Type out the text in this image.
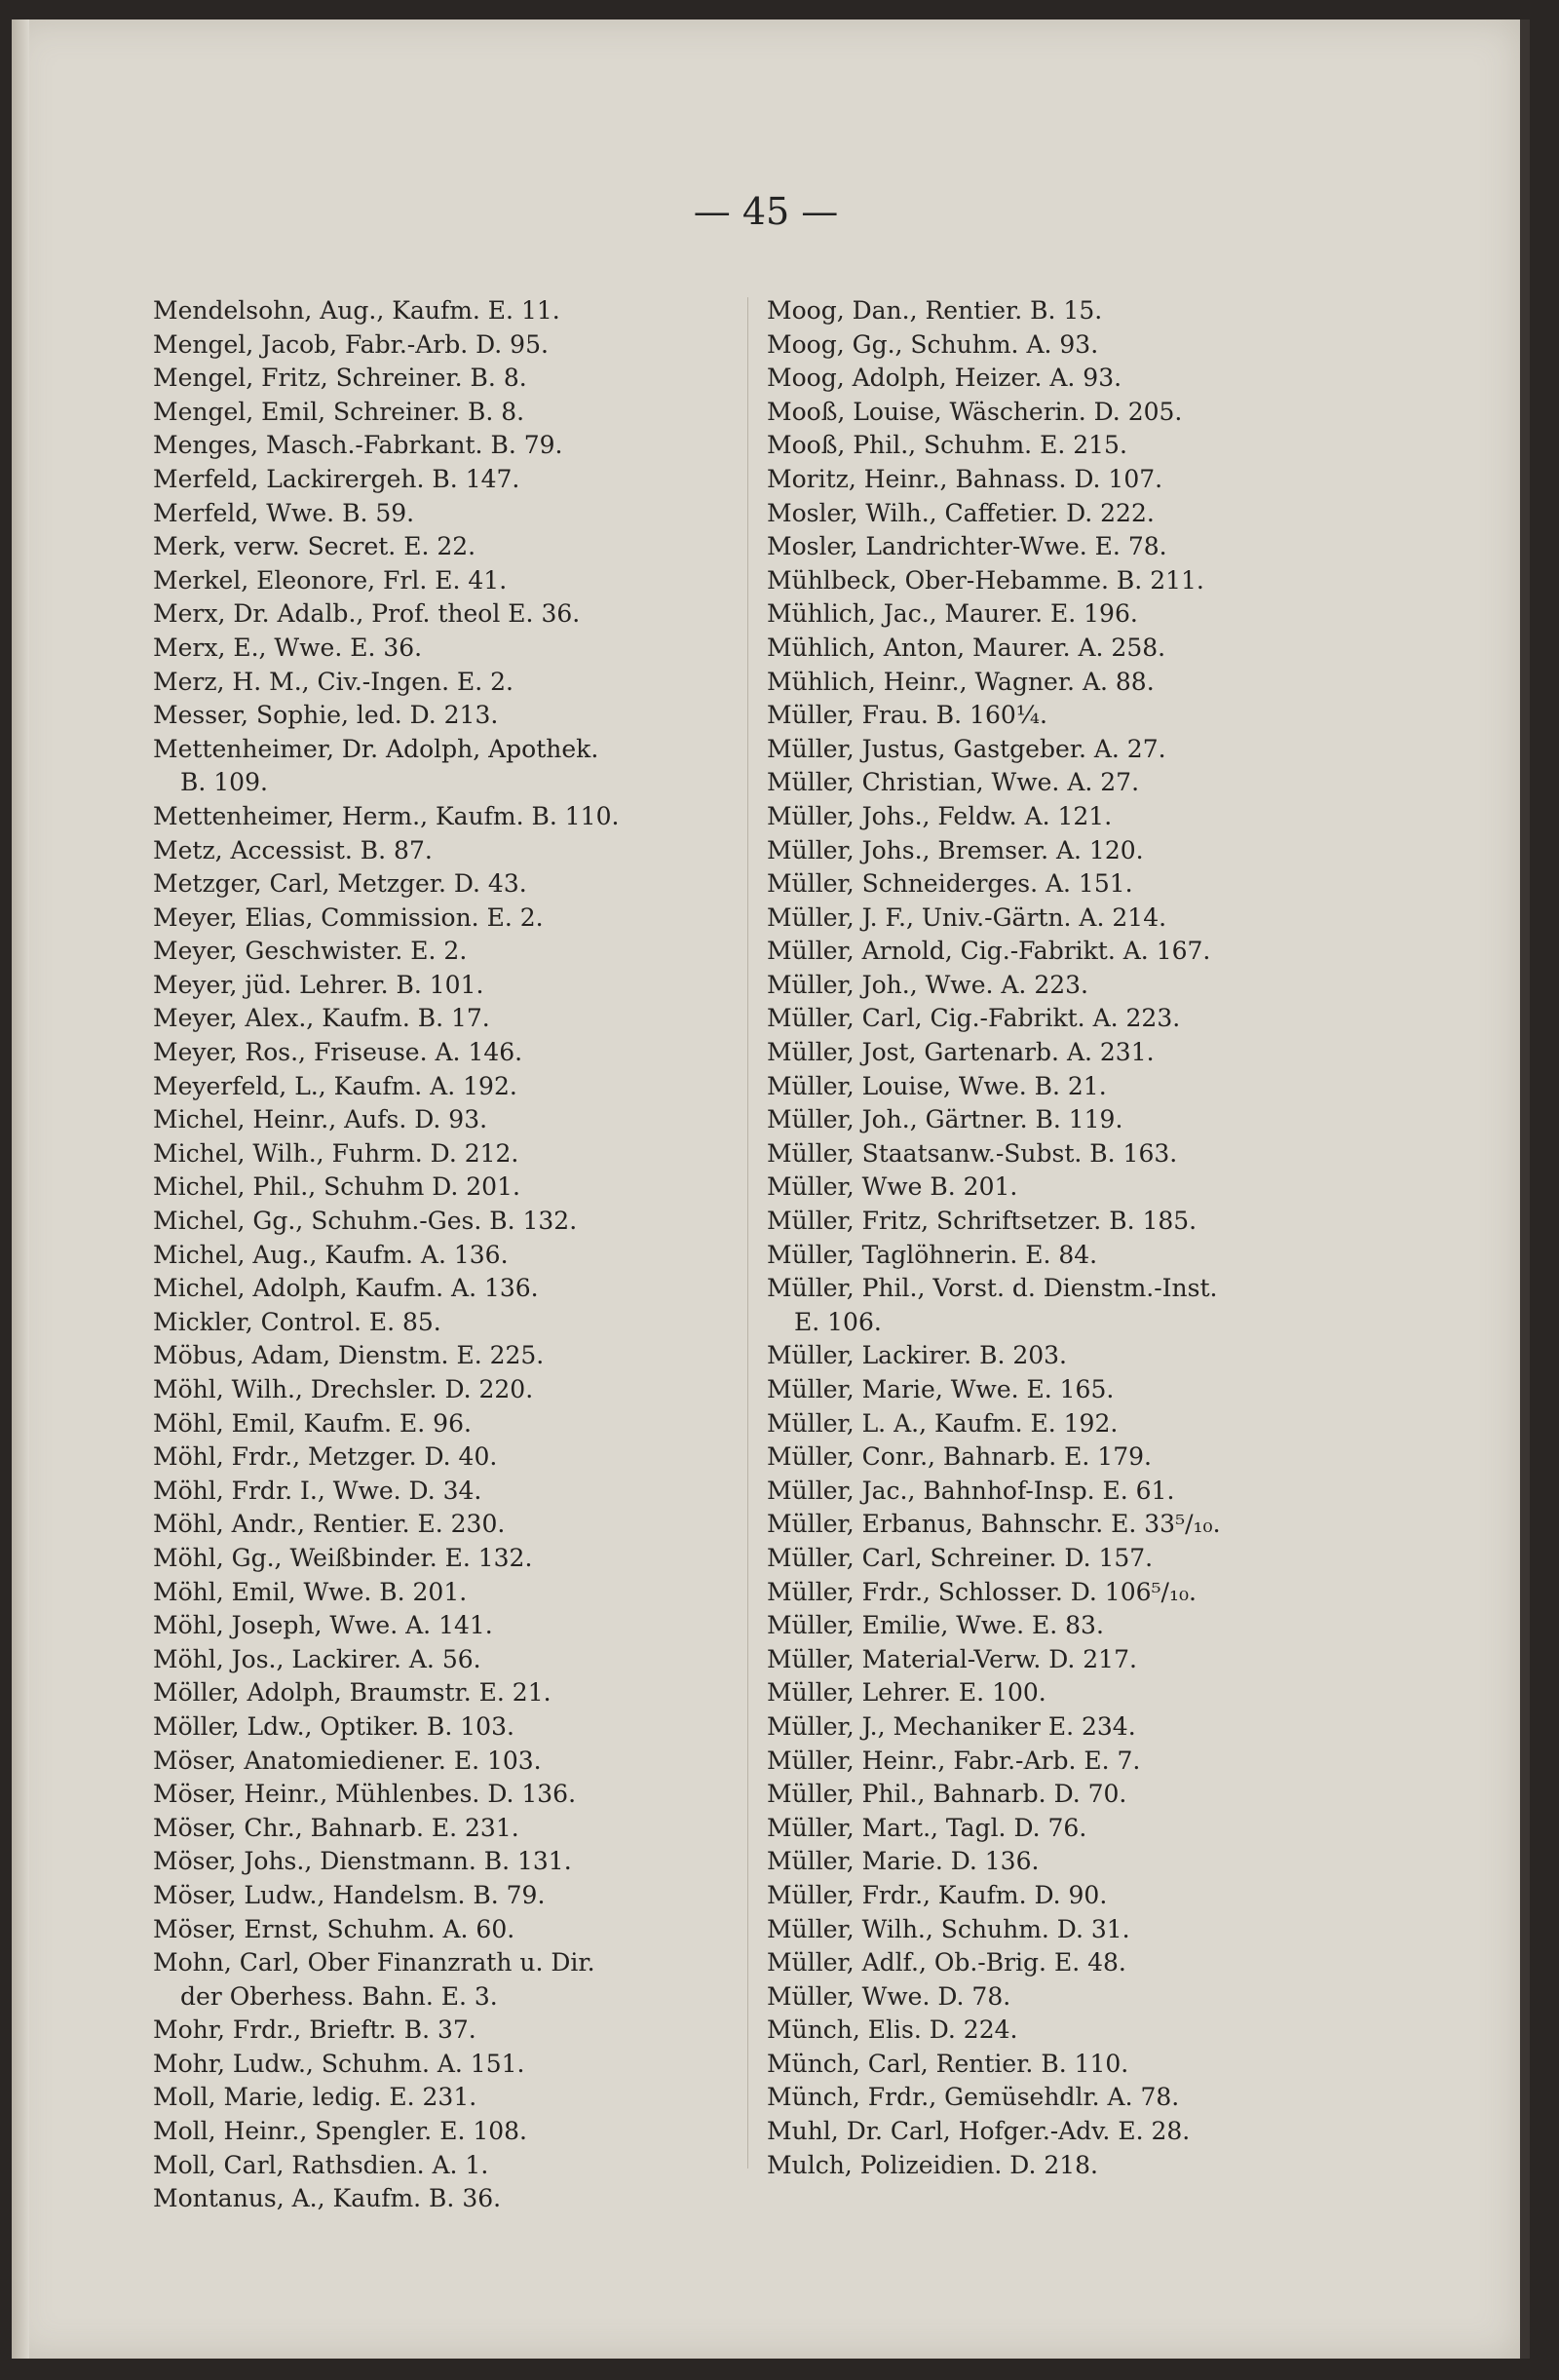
— 45 —
Mendelsohn, Aug., Kaufm. E. 11.
Mengel, Jacob, Fabr.-Arb. D. 95.
Mengel, Fritz, Schreiner. B. 8.
Mengel, Emil, Schreiner. B. 8.
Menges, Masch.-Fabrkant. B. 79.
Merfeld, Lackirergeh. B. 147.
Merfeld, Wwe. B. 59.
Merk, verw. Secret. E. 22.
Merkel, Eleonore, Frl. E. 41.
Merx, Dr. Adalb., Prof. theol E. 36.
Merx, E., Wwe. E. 36.
Merz, H. M., Civ.-Ingen. E. 2.
Messer, Sophie, led. D. 213.
Mettenheimer, Dr. Adolph, Apothek.
B. 109.
Mettenheimer, Herm., Kaufm. B. 110.
Metz, Accessist. B. 87.
Metzger, Carl, Metzger. D. 43.
Meyer, Elias, Commission. E. 2.
Meyer, Geschwister. E. 2.
Meyer, jüd. Lehrer. B. 101.
Meyer, Alex., Kaufm. B. 17.
Meyer, Ros., Friseuse. A. 146.
Meyerfeld, L., Kaufm. A. 192.
Michel, Heinr., Aufs. D. 93.
Michel, Wilh., Fuhrm. D. 212.
Michel, Phil., Schuhm D. 201.
Michel, Gg., Schuhm.-Ges. B. 132.
Michel, Aug., Kaufm. A. 136.
Michel, Adolph, Kaufm. A. 136.
Mickler, Control. E. 85.
Möbus, Adam, Dienstm. E. 225.
Möhl, Wilh., Drechsler. D. 220.
Möhl, Emil, Kaufm. E. 96.
Möhl, Frdr., Metzger. D. 40.
Möhl, Frdr. I., Wwe. D. 34.
Möhl, Andr., Rentier. E. 230.
Möhl, Gg., Weißbinder. E. 132.
Möhl, Emil, Wwe. B. 201.
Möhl, Joseph, Wwe. A. 141.
Möhl, Jos., Lackirer. A. 56.
Möller, Adolph, Braumstr. E. 21.
Möller, Ldw., Optiker. B. 103.
Möser, Anatomiediener. E. 103.
Möser, Heinr., Mühlenbes. D. 136.
Möser, Chr., Bahnarb. E. 231.
Möser, Johs., Dienstmann. B. 131.
Möser, Ludw., Handelsm. B. 79.
Möser, Ernst, Schuhm. A. 60.
Mohn, Carl, Ober Finanzrath u. Dir.
der Oberhess. Bahn. E. 3.
Mohr, Frdr., Brieftr. B. 37.
Mohr, Ludw., Schuhm. A. 151.
Moll, Marie, ledig. E. 231.
Moll, Heinr., Spengler. E. 108.
Moll, Carl, Rathsdien. A. 1.
Montanus, A., Kaufm. B. 36.
Moog, Dan., Rentier. B. 15.
Moog, Gg., Schuhm. A. 93.
Moog, Adolph, Heizer. A. 93.
Mooß, Louise, Wäscherin. D. 205.
Mooß, Phil., Schuhm. E. 215.
Moritz, Heinr., Bahnass. D. 107.
Mosler, Wilh., Caffetier. D. 222.
Mosler, Landrichter-Wwe. E. 78.
Mühlbeck, Ober-Hebamme. B. 211.
Mühlich, Jac., Maurer. E. 196.
Mühlich, Anton, Maurer. A. 258.
Mühlich, Heinr., Wagner. A. 88.
Müller, Frau. B. 160¼.
Müller, Justus, Gastgeber. A. 27.
Müller, Christian, Wwe. A. 27.
Müller, Johs., Feldw. A. 121.
Müller, Johs., Bremser. A. 120.
Müller, Schneiderges. A. 151.
Müller, J. F., Univ.-Gärtn. A. 214.
Müller, Arnold, Cig.-Fabrikt. A. 167.
Müller, Joh., Wwe. A. 223.
Müller, Carl, Cig.-Fabrikt. A. 223.
Müller, Jost, Gartenarb. A. 231.
Müller, Louise, Wwe. B. 21.
Müller, Joh., Gärtner. B. 119.
Müller, Staatsanw.-Subst. B. 163.
Müller, Wwe B. 201.
Müller, Fritz, Schriftsetzer. B. 185.
Müller, Taglöhnerin. E. 84.
Müller, Phil., Vorst. d. Dienstm.-Inst.
E. 106.
Müller, Lackirer. B. 203.
Müller, Marie, Wwe. E. 165.
Müller, L. A., Kaufm. E. 192.
Müller, Conr., Bahnarb. E. 179.
Müller, Jac., Bahnhof-Insp. E. 61.
Müller, Erbanus, Bahnschr. E. 33⁵/₁₀.
Müller, Carl, Schreiner. D. 157.
Müller, Frdr., Schlosser. D. 106⁵/₁₀.
Müller, Emilie, Wwe. E. 83.
Müller, Material-Verw. D. 217.
Müller, Lehrer. E. 100.
Müller, J., Mechaniker E. 234.
Müller, Heinr., Fabr.-Arb. E. 7.
Müller, Phil., Bahnarb. D. 70.
Müller, Mart., Tagl. D. 76.
Müller, Marie. D. 136.
Müller, Frdr., Kaufm. D. 90.
Müller, Wilh., Schuhm. D. 31.
Müller, Adlf., Ob.-Brig. E. 48.
Müller, Wwe. D. 78.
Münch, Elis. D. 224.
Münch, Carl, Rentier. B. 110.
Münch, Frdr., Gemüsehdlr. A. 78.
Muhl, Dr. Carl, Hofger.-Adv. E. 28.
Mulch, Polizeidien. D. 218.
